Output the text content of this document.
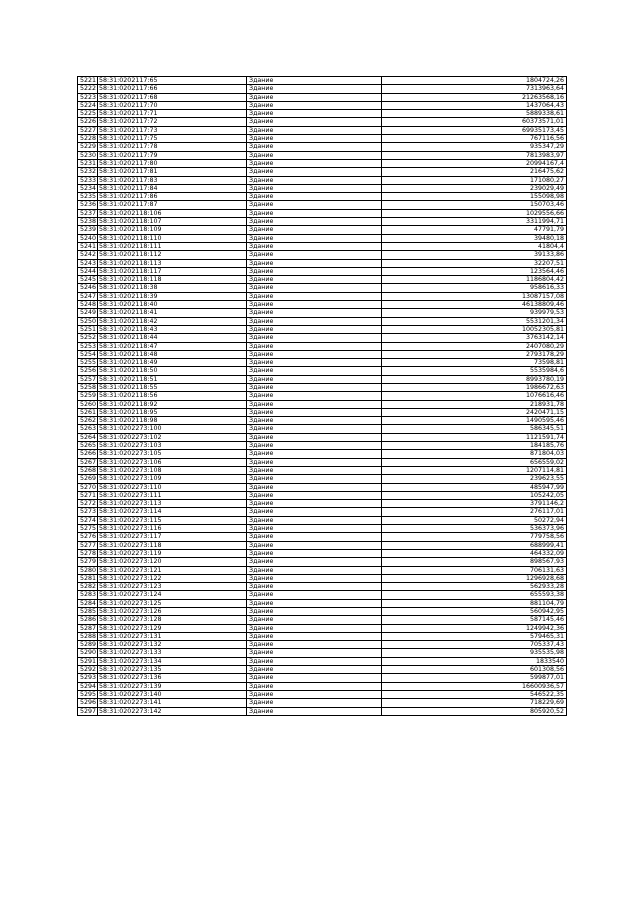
5221	58:31:0202117:65	Здание	1804724,26
5222	58:31:0202117:66	Здание	7313963,64
5223	58:31:0202117:68	Здание	21263568,16
5224	58:31:0202117:70	Здание	1437064,43
5225	58:31:0202117:71	Здание	5889338,61
5226	58:31:0202117:72	Здание	60373571,01
5227	58:31:0202117:73	Здание	69935173,45
5228	58:31:0202117:75	Здание	767116,56
5229	58:31:0202117:78	Здание	935347,29
5230	58:31:0202117:79	Здание	7813983,97
5231	58:31:0202117:80	Здание	20994167,4
5232	58:31:0202117:81	Здание	216475,62
5233	58:31:0202117:83	Здание	171080,27
5234	58:31:0202117:84	Здание	239029,49
5235	58:31:0202117:86	Здание	155098,98
5236	58:31:0202117:87	Здание	150703,46
5237	58:31:0202118:106	Здание	1029556,66
5238	58:31:0202118:107	Здание	3311994,71
5239	58:31:0202118:109	Здание	47791,79
5240	58:31:0202118:110	Здание	39480,18
5241	58:31:0202118:111	Здание	41804,4
5242	58:31:0202118:112	Здание	39133,86
5243	58:31:0202118:113	Здание	32207,51
5244	58:31:0202118:117	Здание	123564,46
5245	58:31:0202118:118	Здание	1186804,42
5246	58:31:0202118:38	Здание	958616,33
5247	58:31:0202118:39	Здание	13087157,08
5248	58:31:0202118:40	Здание	46138809,46
5249	58:31:0202118:41	Здание	939979,53
5250	58:31:0202118:42	Здание	5531201,34
5251	58:31:0202118:43	Здание	10052305,81
5252	58:31:0202118:44	Здание	3763142,14
5253	58:31:0202118:47	Здание	2407080,29
5254	58:31:0202118:48	Здание	2793178,29
5255	58:31:0202118:49	Здание	73598,81
5256	58:31:0202118:50	Здание	5535984,6
5257	58:31:0202118:51	Здание	8993780,19
5258	58:31:0202118:55	Здание	1986672,63
5259	58:31:0202118:56	Здание	1076616,46
5260	58:31:0202118:92	Здание	218931,78
5261	58:31:0202118:95	Здание	2420471,15
5262	58:31:0202118:98	Здание	1490595,46
5263	58:31:0202273:100	Здание	586345,51
5264	58:31:0202273:102	Здание	1121591,74
5265	58:31:0202273:103	Здание	184185,76
5266	58:31:0202273:105	Здание	871804,03
5267	58:31:0202273:106	Здание	656559,02
5268	58:31:0202273:108	Здание	1207114,81
5269	58:31:0202273:109	Здание	239623,55
5270	58:31:0202273:110	Здание	485947,99
5271	58:31:0202273:111	Здание	105242,05
5272	58:31:0202273:113	Здание	3791146,2
5273	58:31:0202273:114	Здание	276117,01
5274	58:31:0202273:115	Здание	50272,94
5275	58:31:0202273:116	Здание	536373,96
5276	58:31:0202273:117	Здание	779758,56
5277	58:31:0202273:118	Здание	688999,41
5278	58:31:0202273:119	Здание	464332,09
5279	58:31:0202273:120	Здание	898567,93
5280	58:31:0202273:121	Здание	706131,63
5281	58:31:0202273:122	Здание	1296928,68
5282	58:31:0202273:123	Здание	562933,28
5283	58:31:0202273:124	Здание	655593,38
5284	58:31:0202273:125	Здание	881104,79
5285	58:31:0202273:126	Здание	560942,95
5286	58:31:0202273:128	Здание	587145,46
5287	58:31:0202273:129	Здание	1249942,36
5288	58:31:0202273:131	Здание	579465,31
5289	58:31:0202273:132	Здание	705337,43
5290	58:31:0202273:133	Здание	935535,98
5291	58:31:0202273:134	Здание	1833540
5292	58:31:0202273:135	Здание	601308,56
5293	58:31:0202273:136	Здание	599877,01
5294	58:31:0202273:139	Здание	16600936,57
5295	58:31:0202273:140	Здание	546522,35
5296	58:31:0202273:141	Здание	718229,69
5297	58:31:0202273:142	Здание	805920,52
